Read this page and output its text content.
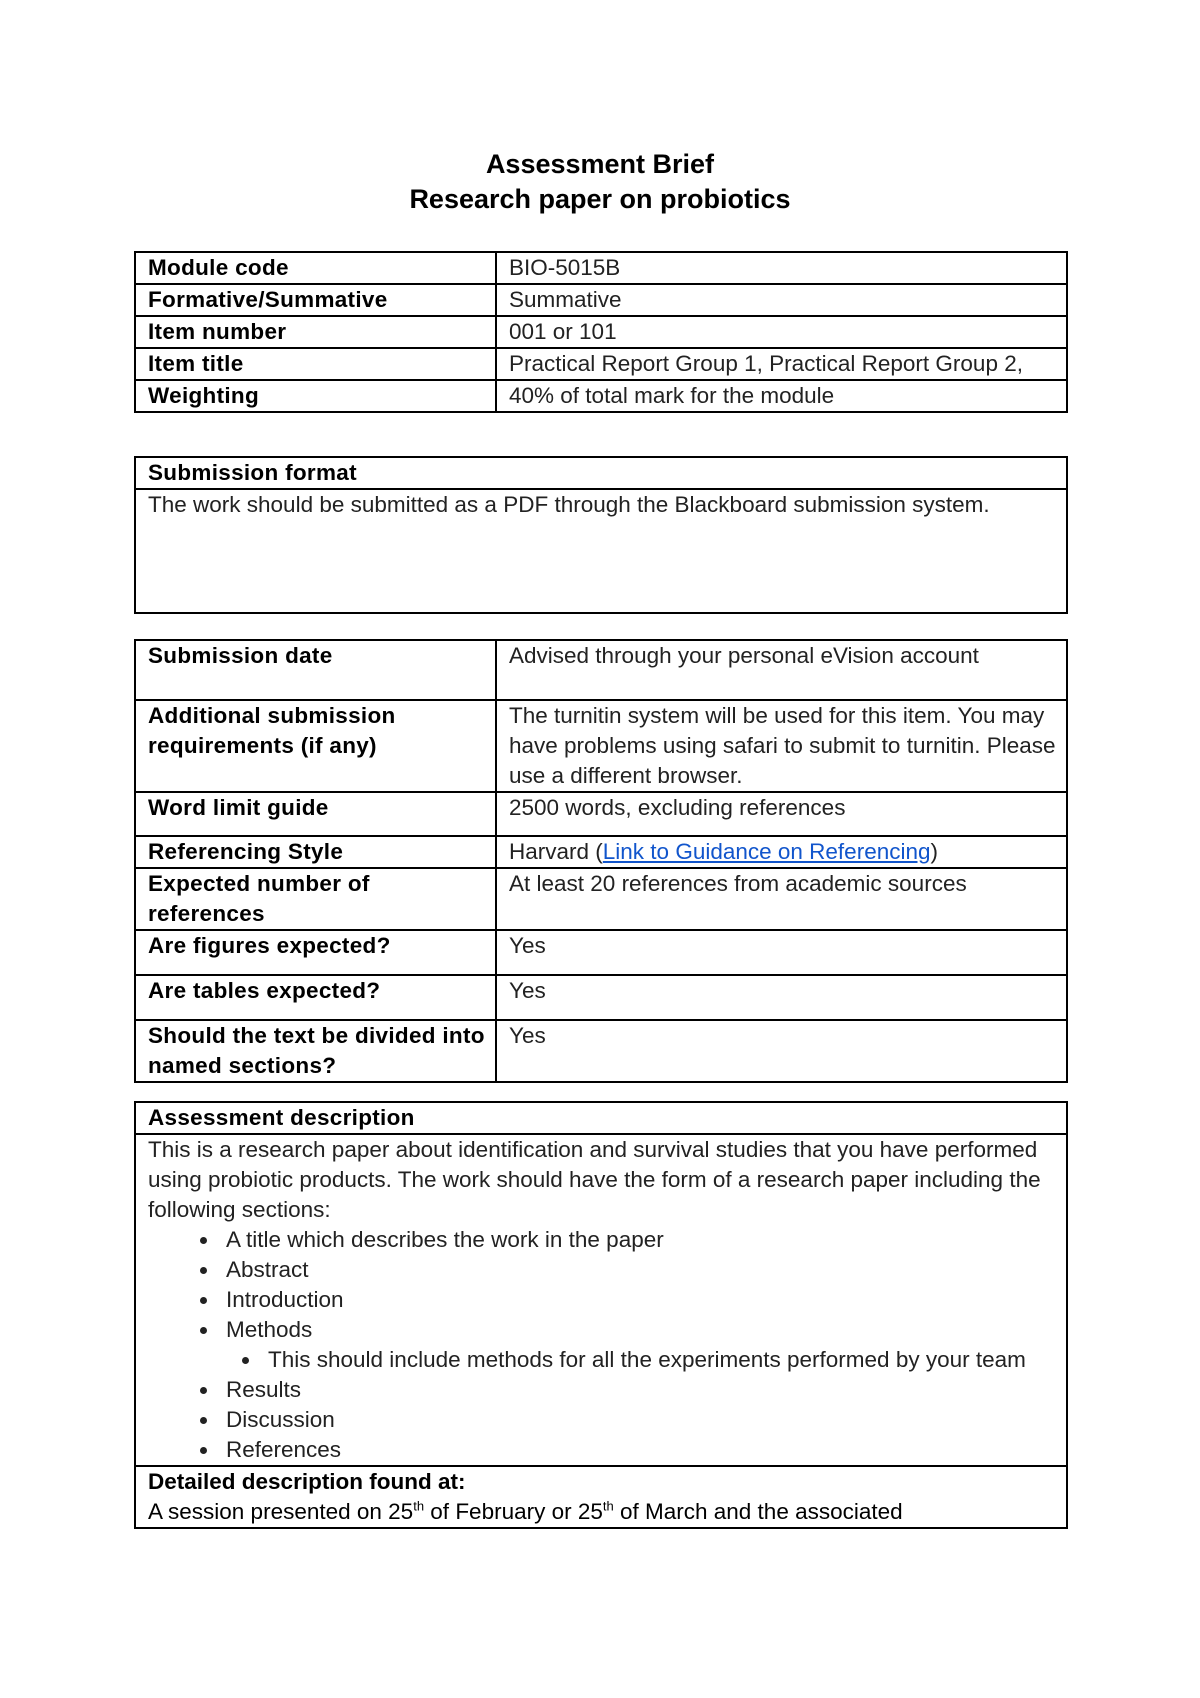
Assessment Brief
Research paper on probiotics
Module code	BIO-5015B
Formative/Summative	Summative
Item number	001 or 101
Item title	Practical Report Group 1, Practical Report Group 2,
Weighting	40% of total mark for the module
Submission format
The work should be submitted as a PDF through the Blackboard submission system.
Submission date	Advised through your personal eVision account
Additional submission requirements (if any)	The turnitin system will be used for this item. You may have problems using safari to submit to turnitin. Please use a different browser.
Word limit guide	2500 words, excluding references
Referencing Style	Harvard (Link to Guidance on Referencing)
Expected number of references	At least 20 references from academic sources
Are figures expected?	Yes
Are tables expected?	Yes
Should the text be divided into named sections?	Yes
Assessment description

This is a research paper about identification and survival studies that you have performed using probiotic products. The work should have the form of a research paper including the following sections:
• A title which describes the work in the paper
• Abstract
• Introduction
• Methods
• This should include methods for all the experiments performed by your team
• Results
• Discussion
• References

Detailed description found at:
A session presented on 25th of February or 25th of March and the associated
